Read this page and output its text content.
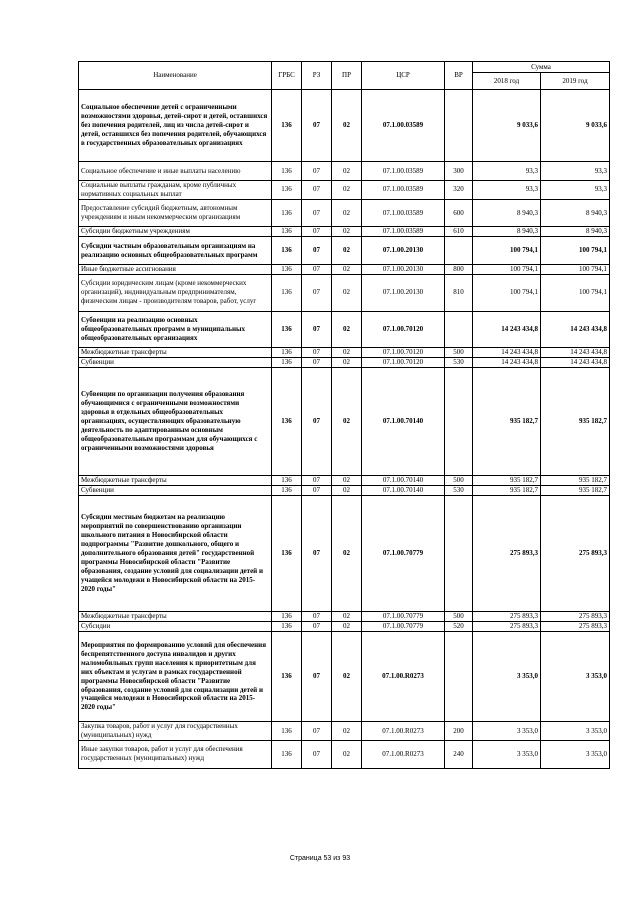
Наименование	ГРБС	РЗ	ПР	ЦСР	ВР	Сумма	
						2018 год	2019 год
Социальное обеспечение детей с ограниченными возможностями здоровья, детей-сирот и детей, оставшихся без попечения родителей, лиц из числа детей-сирот и детей, оставшихся без попечения родителей, обучающихся в государственных образовательных организациях	136	07	02	07.1.00.03589		9 033,6	9 033,6
Социальное обеспечение и иные выплаты населению	136	07	02	07.1.00.03589	300	93,3	93,3
Социальные выплаты гражданам, кроме публичных нормативных социальных выплат	136	07	02	07.1.00.03589	320	93,3	93,3
Предоставление субсидий бюджетным, автономным учреждениям и иным некоммерческим организациям	136	07	02	07.1.00.03589	600	8 940,3	8 940,3
Субсидии бюджетным учреждениям	136	07	02	07.1.00.03589	610	8 940,3	8 940,3
Субсидии частным образовательным организациям на реализацию основных общеобразовательных программ	136	07	02	07.1.00.20130		100 794,1	100 794,1
Иные бюджетные ассигнования	136	07	02	07.1.00.20130	800	100 794,1	100 794,1
Субсидии юридическим лицам (кроме некоммерческих организаций), индивидуальным предпринимателям, физическим лицам - производителям товаров, работ, услуг	136	07	02	07.1.00.20130	810	100 794,1	100 794,1
Субвенции на реализацию основных общеобразовательных программ в муниципальных общеобразовательных организациях	136	07	02	07.1.00.70120		14 243 434,8	14 243 434,8
Межбюджетные трансферты	136	07	02	07.1.00.70120	500	14 243 434,8	14 243 434,8
Субвенции	136	07	02	07.1.00.70120	530	14 243 434,8	14 243 434,8
Субвенции по организации получения образования обучающимися с ограниченными возможностями здоровья в отдельных общеобразовательных организациях, осуществляющих образовательную деятельность по адаптированным основным общеобразовательным программам для обучающихся с ограниченными возможностями здоровья	136	07	02	07.1.00.70140		935 182,7	935 182,7
Межбюджетные трансферты	136	07	02	07.1.00.70140	500	935 182,7	935 182,7
Субвенции	136	07	02	07.1.00.70140	530	935 182,7	935 182,7
Субсидии местным бюджетам на реализацию мероприятий по совершенствованию организации школьного питания в Новосибирской области подпрограммы "Развитие дошкольного, общего и дополнительного образования детей" государственной программы Новосибирской области "Развитие образования, создание условий для социализации детей и учащейся молодежи в Новосибирской области на 2015-2020 годы"	136	07	02	07.1.00.70779		275 893,3	275 893,3
Межбюджетные трансферты	136	07	02	07.1.00.70779	500	275 893,3	275 893,3
Субсидии	136	07	02	07.1.00.70779	520	275 893,3	275 893,3
Мероприятия по формированию условий для обеспечения беспрепятственного доступа инвалидов и других маломобильных групп населения к приоритетным для них объектам и услугам в рамках государственной программы Новосибирской области "Развитие образования, создание условий для социализации детей и учащейся молодежи в Новосибирской области на 2015-2020 годы"	136	07	02	07.1.00.R0273		3 353,0	3 353,0
Закупка товаров, работ и услуг для государственных (муниципальных) нужд	136	07	02	07.1.00.R0273	200	3 353,0	3 353,0
Иные закупки товаров, работ и услуг для обеспечения государственных (муниципальных) нужд	136	07	02	07.1.00.R0273	240	3 353,0	3 353,0
Страница 53 из 93
